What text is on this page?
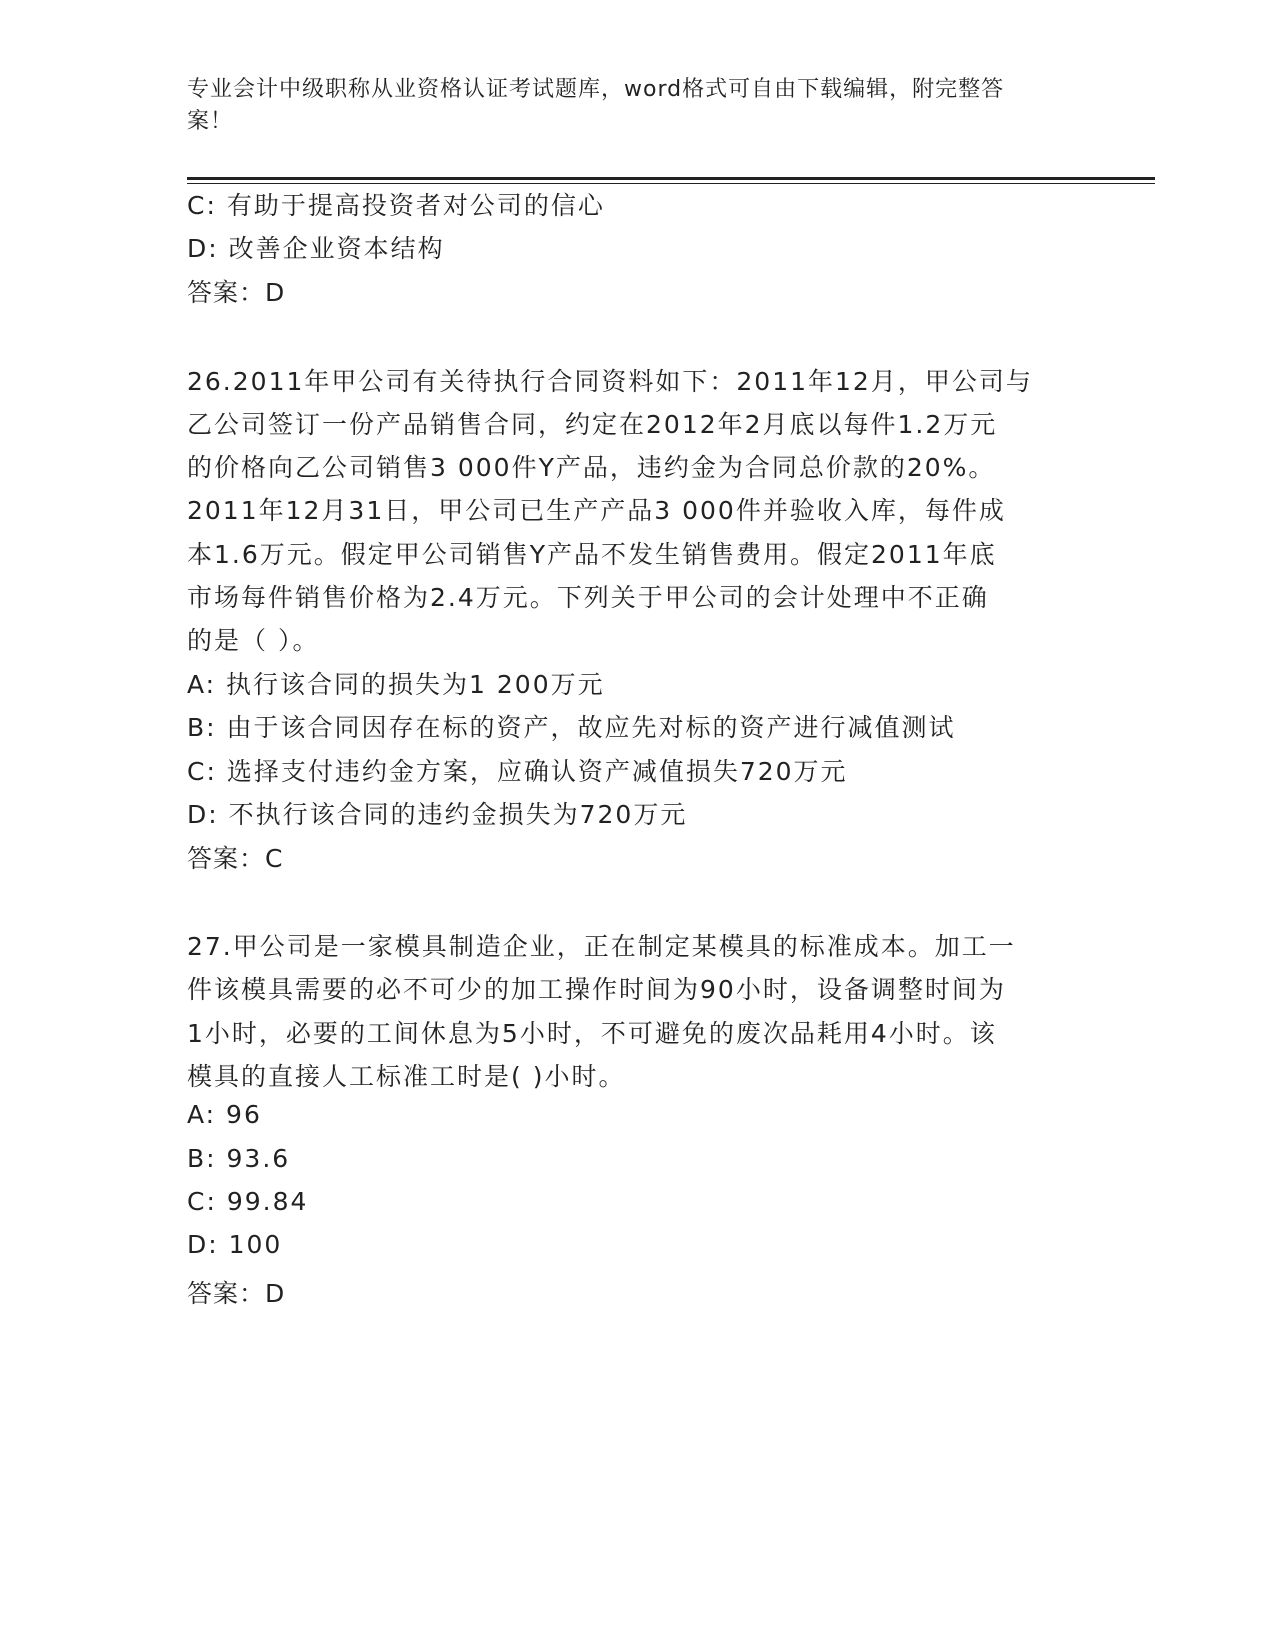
专业会计中级职称从业资格认证考试题库，word格式可自由下载编辑，附完整答
案！
C: 有助于提高投资者对公司的信心
D: 改善企业资本结构
答案：D
26.2011年甲公司有关待执行合同资料如下：2011年12月，甲公司与
乙公司签订一份产品销售合同，约定在2012年2月底以每件1.2万元
的价格向乙公司销售3 000件Y产品，违约金为合同总价款的20%。
2011年12月31日，甲公司已生产产品3 000件并验收入库，每件成
本1.6万元。假定甲公司销售Y产品不发生销售费用。假定2011年底
市场每件销售价格为2.4万元。下列关于甲公司的会计处理中不正确
的是（ ）。
A: 执行该合同的损失为1 200万元
B: 由于该合同因存在标的资产，故应先对标的资产进行减值测试
C: 选择支付违约金方案，应确认资产减值损失720万元
D: 不执行该合同的违约金损失为720万元
答案：C
27.甲公司是一家模具制造企业，正在制定某模具的标准成本。加工一
件该模具需要的必不可少的加工操作时间为90小时，设备调整时间为
1小时，必要的工间休息为5小时，不可避免的废次品耗用4小时。该
模具的直接人工标准工时是( )小时。
A: 96
B: 93.6
C: 99.84
D: 100
答案：D
